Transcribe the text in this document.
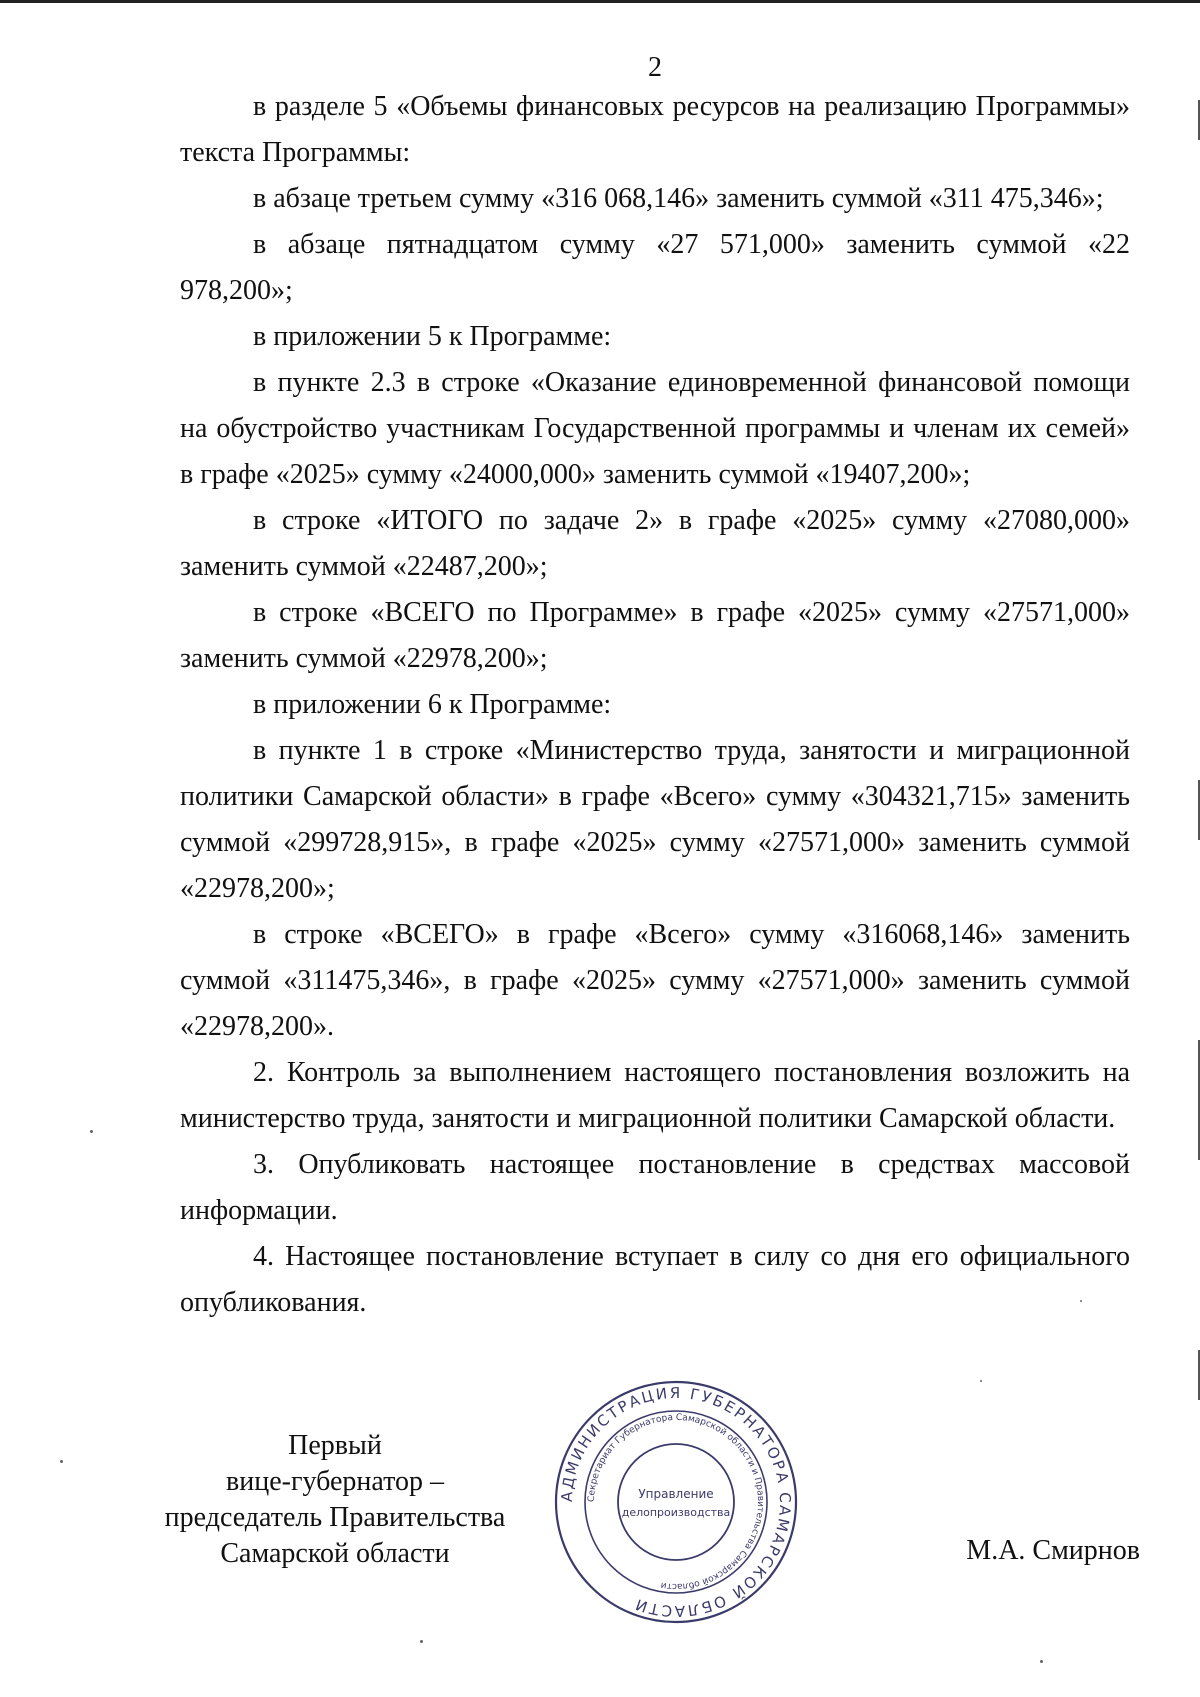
2

в разделе 5 «Объемы финансовых ресурсов на реализацию Программы» текста Программы:

в абзаце третьем сумму «316 068,146» заменить суммой «311 475,346»;

в абзаце пятнадцатом сумму «27 571,000» заменить суммой «22 978,200»;

в приложении 5 к Программе:

в пункте 2.3 в строке «Оказание единовременной финансовой помощи на обустройство участникам Государственной программы и членам их семей» в графе «2025» сумму «24000,000» заменить суммой «19407,200»;

в строке «ИТОГО по задаче 2» в графе «2025» сумму «27080,000» заменить суммой «22487,200»;

в строке «ВСЕГО по Программе» в графе «2025» сумму «27571,000» заменить суммой «22978,200»;

в приложении 6 к Программе:

в пункте 1 в строке «Министерство труда, занятости и миграционной политики Самарской области» в графе «Всего» сумму «304321,715» заменить суммой «299728,915», в графе «2025» сумму «27571,000» заменить суммой «22978,200»;

в строке «ВСЕГО» в графе «Всего» сумму «316068,146» заменить суммой «311475,346», в графе «2025» сумму «27571,000» заменить суммой «22978,200».

2. Контроль за выполнением настоящего постановления возложить на министерство труда, занятости и миграционной политики Самарской области.

3. Опубликовать настоящее постановление в средствах массовой информации.

4. Настоящее постановление вступает в силу со дня его официального опубликования.

Первый
вице-губернатор –
председатель Правительства
Самарской области
АДМИНИСТРАЦИЯ ГУБЕРНАТОРА САМАРСКОЙ ОБЛАСТИ
Секретариат Губернатора Самарской области и Правительства Самарской области
Управление
делопроизводства
М.А. Смирнов
